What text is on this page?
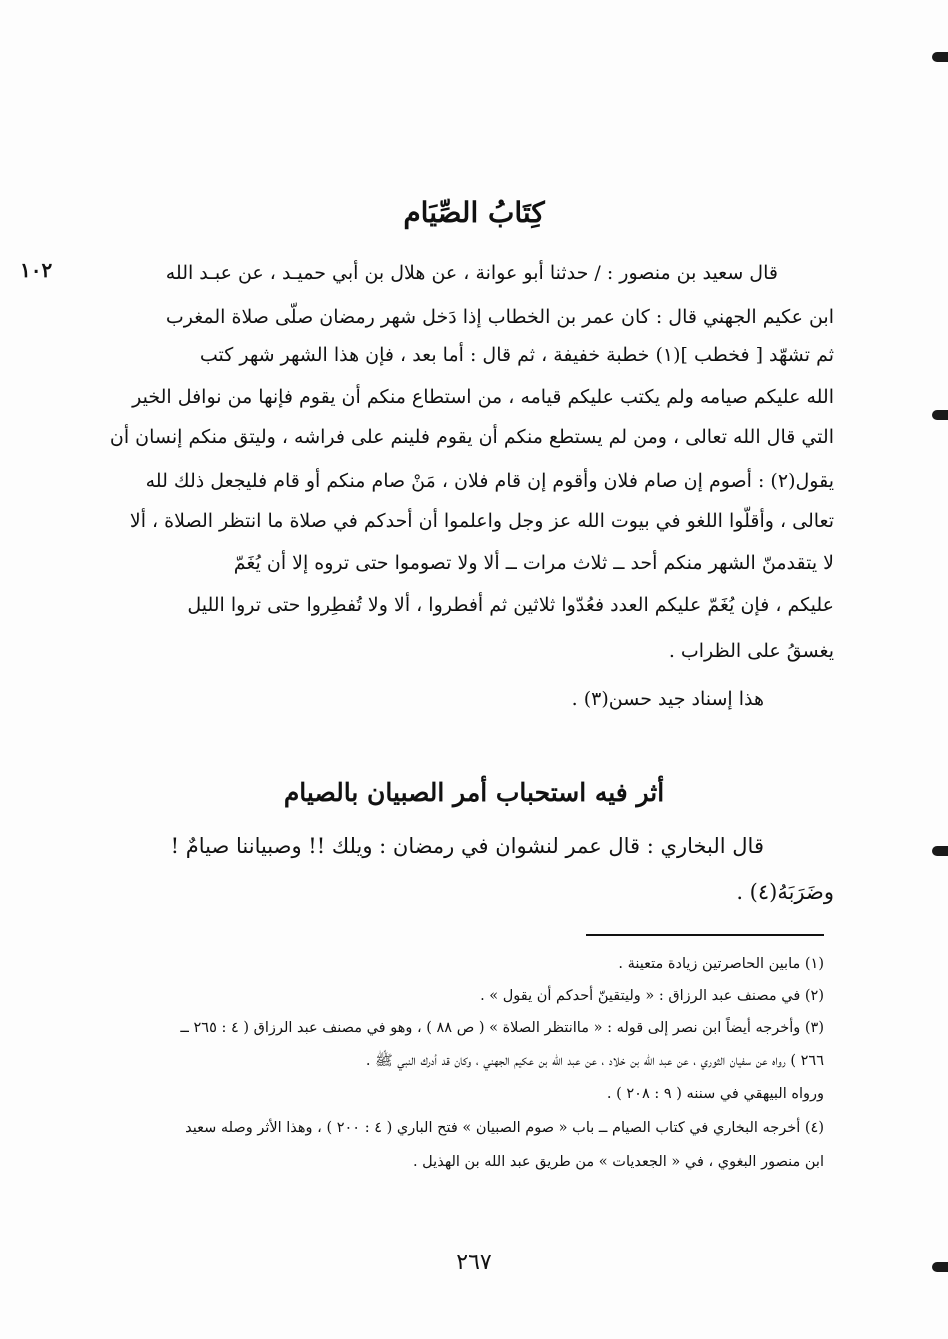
كِتَابُ الصِّيَام
١٠٢	قال سعيد بن منصور : / حدثنا أبو عوانة ، عن هلال بن أبي حميـد ، عن عبـد الله
ابن عكيم الجهني قال : كان عمر بن الخطاب إذا دَخل شهر رمضان صلّى صلاة المغرب
ثم تشهّد [ فخطب ](١) خطبة خفيفة ، ثم قال : أما بعد ، فإن هذا الشهر شهر كتب
الله عليكم صيامه ولم يكتب عليكم قيامه ، من استطاع منكم أن يقوم فإنها من نوافل الخير
التي قال الله تعالى ، ومن لم يستطع منكم أن يقوم فلينم على فراشه ، وليتق منكم إنسان أن
يقول(٢) : أصوم إن صام فلان وأقوم إن قام فلان ، مَنْ صام منكم أو قام فليجعل ذلك لله
تعالى ، وأقلّوا اللغو في بيوت الله عز وجل واعلموا أن أحدكم في صلاة ما انتظر الصلاة ، ألا
لا يتقدمنّ الشهر منكم أحد ــ ثلاث مرات ــ ألا ولا تصوموا حتى تروه إلا أن يُغَمّ
عليكم ، فإن يُغَمّ عليكم العدد فعُدّوا ثلاثين ثم أفطروا ، ألا ولا تُفطِروا حتى تروا الليل
يغسقُ على الظراب .
هذا إسناد جيد حسن(٣) .
أثر فيه استحباب أمر الصبيان بالصيام
قال البخاري : قال عمر لنشوان في رمضان : ويلك !! وصبياننا صيامٌ !
وضَرَبَهُ(٤) .
(١) مابين الحاصرتين زيادة متعينة .
(٢) في مصنف عبد الرزاق : « وليتقينّ أحدكم أن يقول » .
(٣) وأخرجه أيضاً ابن نصر إلى قوله : « ماانتظر الصلاة » ( ص ٨٨ ) ، وهو في مصنف عبد الرزاق ( ٤ : ٢٦٥ ــ
٢٦٦ ) رواه عن سفيان الثوري ، عن عبد الله بن خلاد ، عن عبد الله بن عكيم الجهني ، وكان قد أدرك النبي ﷺ .
ورواه البيهقي في سننه ( ٩ : ٢٠٨ ) .
(٤) أخرجه البخاري في كتاب الصيام ــ باب « صوم الصبيان » فتح الباري ( ٤ : ٢٠٠ ) ، وهذا الأثر وصله سعيد
ابن منصور البغوي ، في « الجعديات » من طريق عبد الله بن الهذيل .
٢٦٧
